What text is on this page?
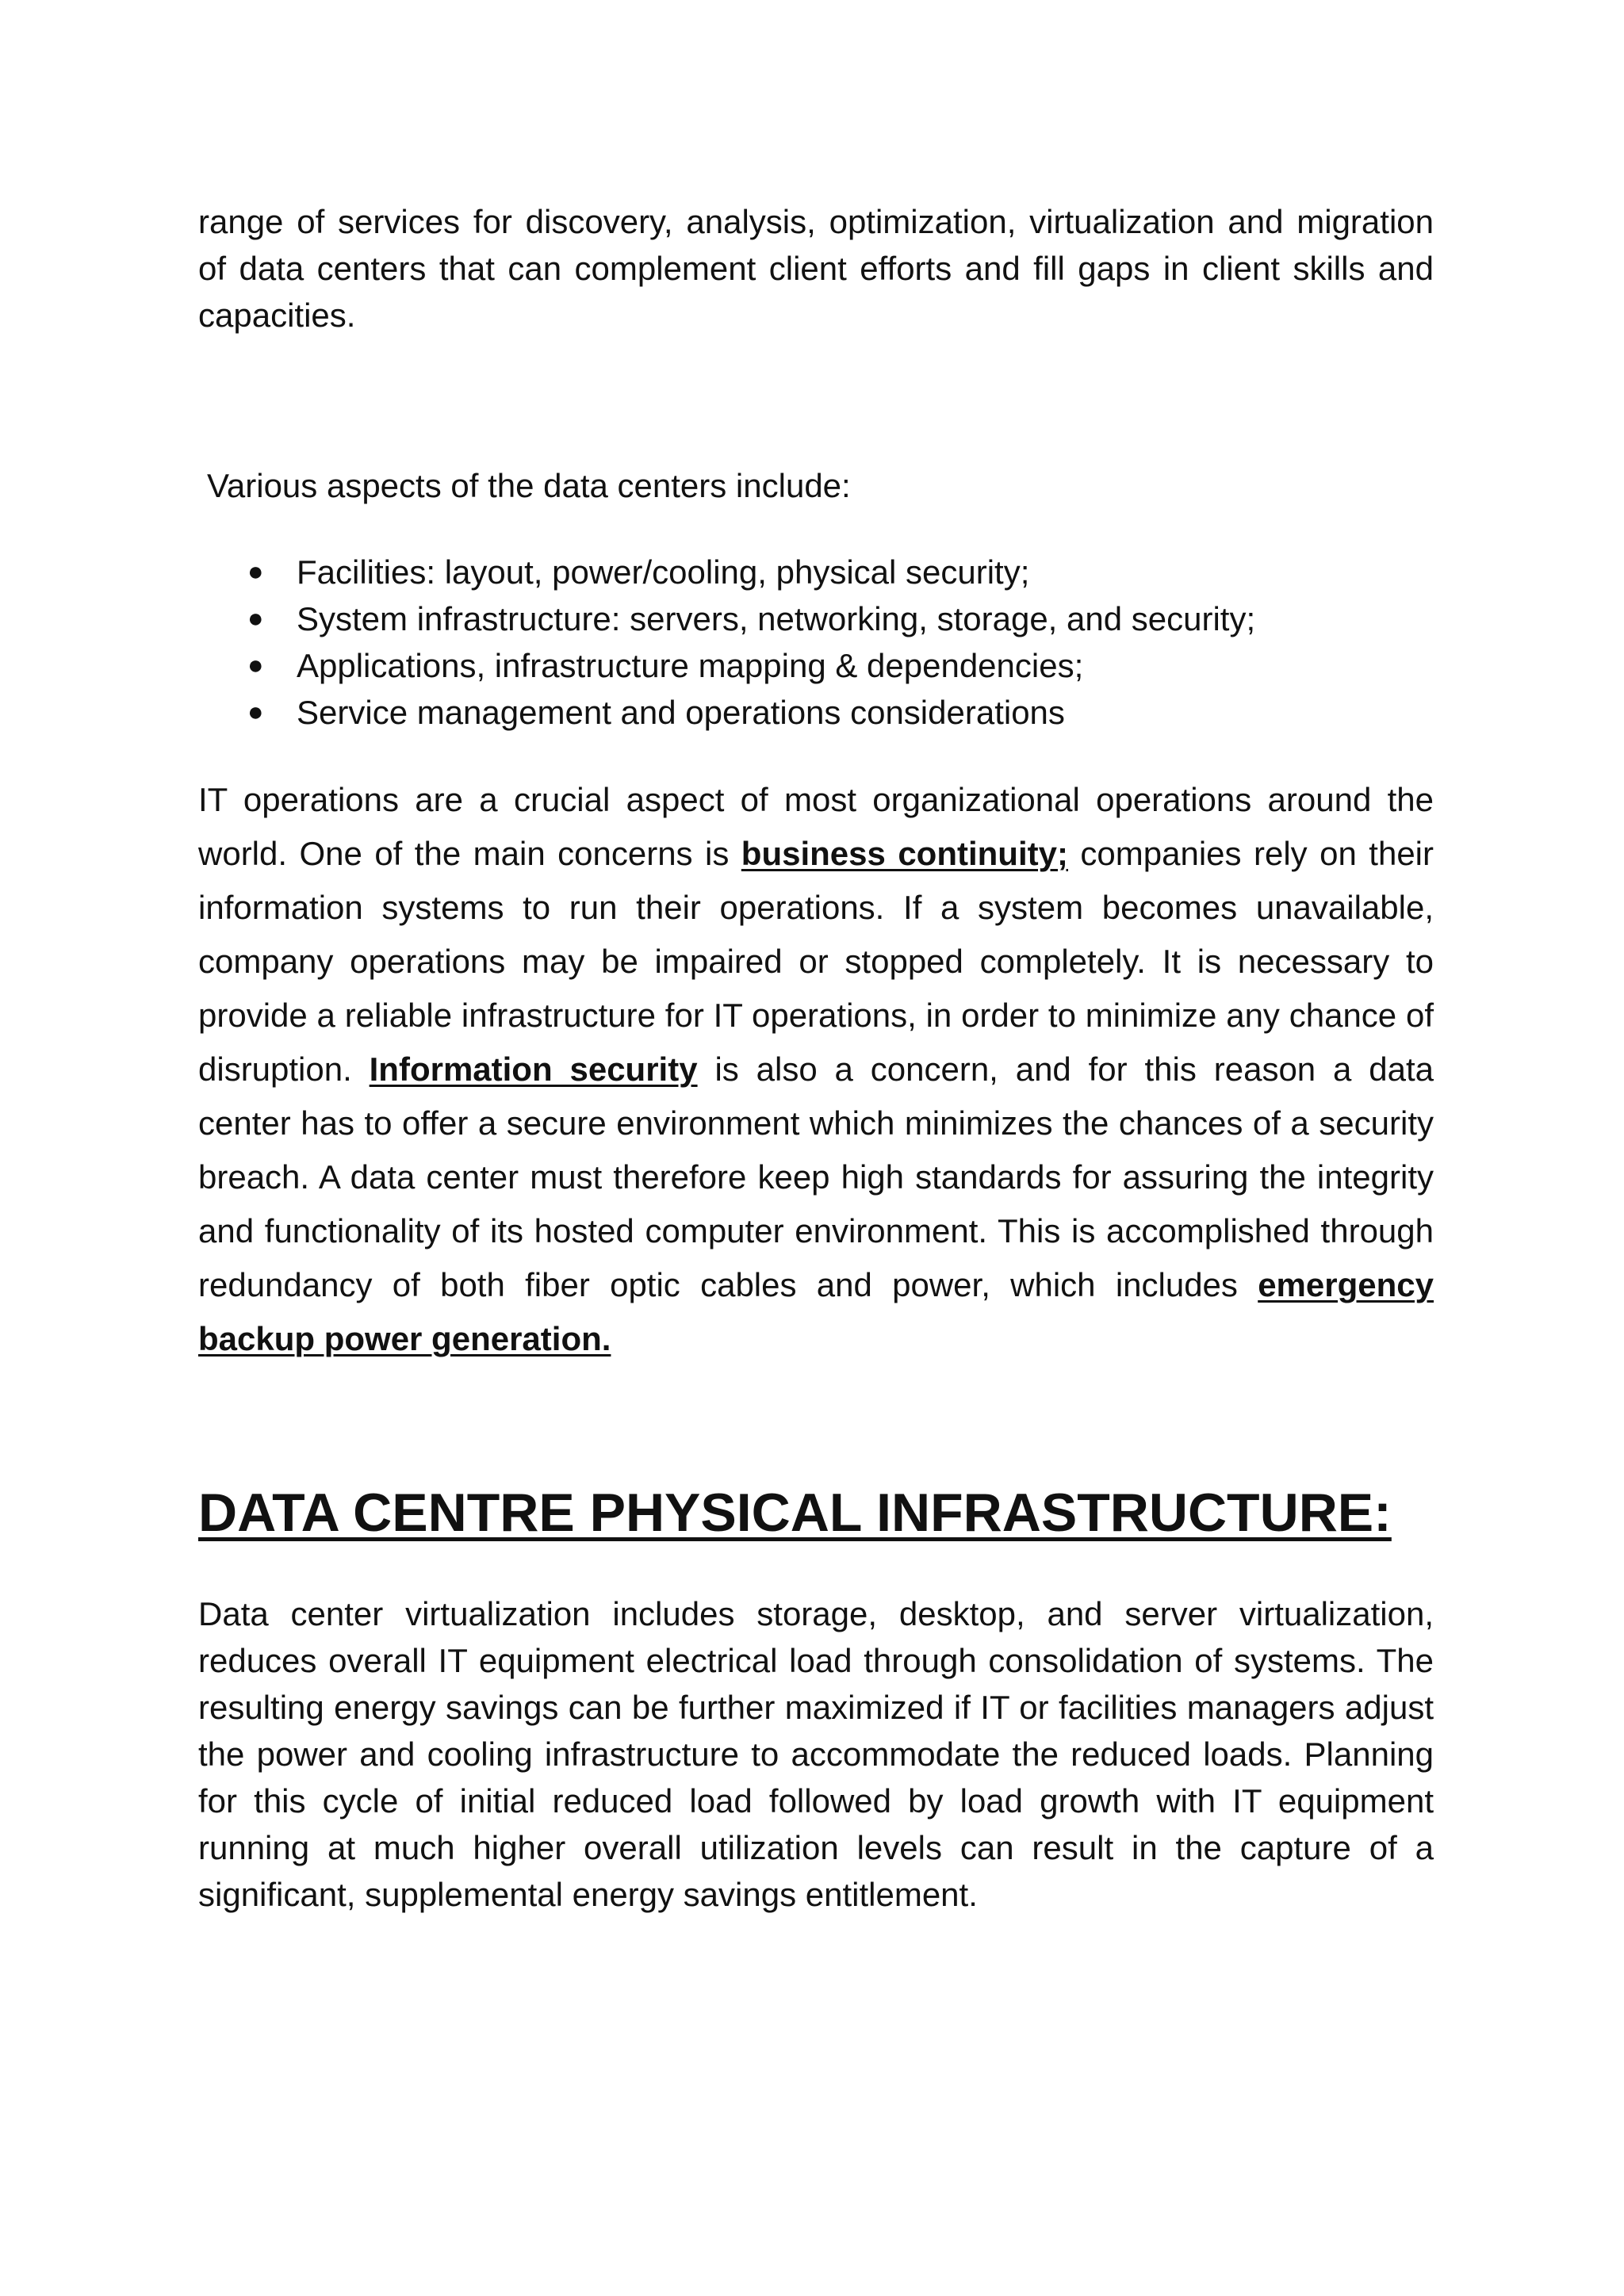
range of services for discovery, analysis, optimization, virtualization and migration of data centers that can complement client efforts and fill gaps in client skills and capacities.

Various aspects of the data centers include:

● Facilities: layout, power/cooling, physical security;
● System infrastructure: servers, networking, storage, and security;
● Applications, infrastructure mapping & dependencies;
● Service management and operations considerations

IT operations are a crucial aspect of most organizational operations around the world. One of the main concerns is business continuity; companies rely on their information systems to run their operations. If a system becomes unavailable, company operations may be impaired or stopped completely. It is necessary to provide a reliable infrastructure for IT operations, in order to minimize any chance of disruption. Information security is also a concern, and for this reason a data center has to offer a secure environment which minimizes the chances of a security breach. A data center must therefore keep high standards for assuring the integrity and functionality of its hosted computer environment. This is accomplished through redundancy of both fiber optic cables and power, which includes emergency backup power generation.

DATA CENTRE PHYSICAL INFRASTRUCTURE:

Data center virtualization includes storage, desktop, and server virtualization, reduces overall IT equipment electrical load through consolidation of systems. The resulting energy savings can be further maximized if IT or facilities managers adjust the power and cooling infrastructure to accommodate the reduced loads. Planning for this cycle of initial reduced load followed by load growth with IT equipment running at much higher overall utilization levels can result in the capture of a significant, supplemental energy savings entitlement.
